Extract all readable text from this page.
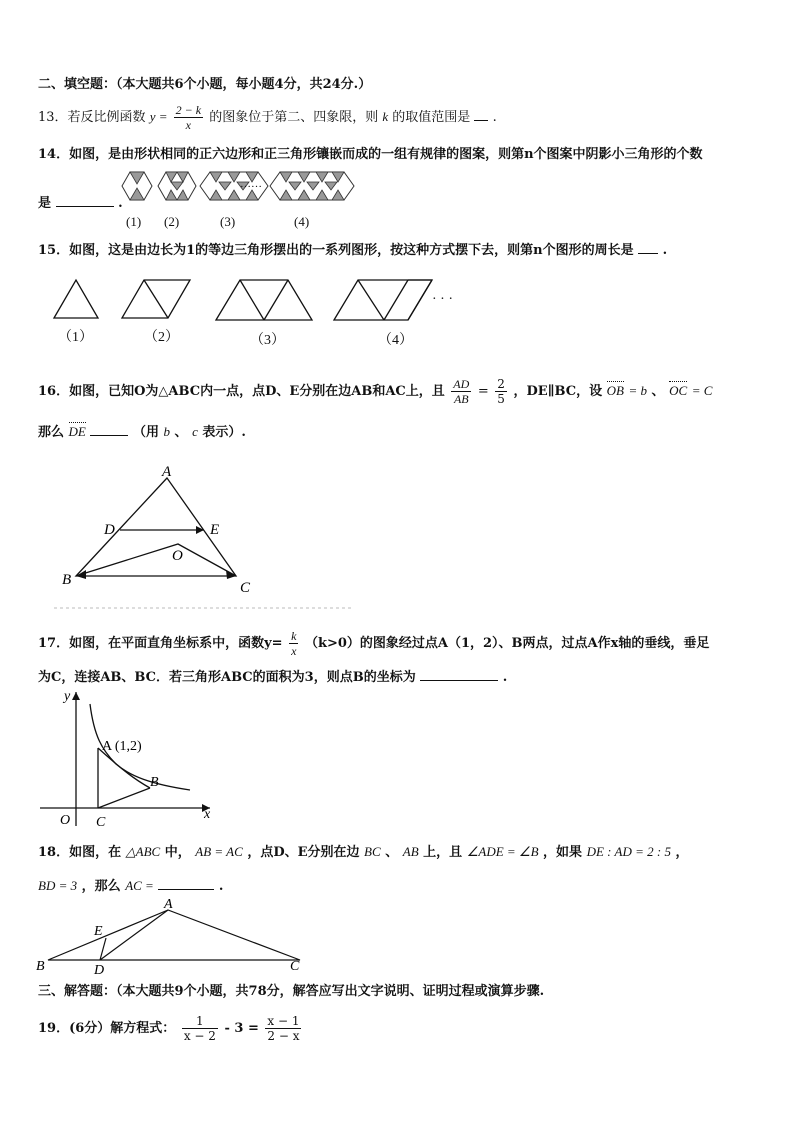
二、填空题：（本大题共6个小题，每小题4分，共24分.）
13．若反比例函数 $y = \frac{2 - k}{x}$ 的图象位于第二、四象限，则 k 的取值范围是 .
14．如图，是由形状相同的正六边形和正三角形镶嵌而成的一组有规律的图案，则第n个图案中阴影小三角形的个数
是	.
……
(1) (2)	(3)	(4)
15．如图，这是由边长为1的等边三角形摆出的一系列图形，按这种方式摆下去，则第n个图形的周长是 .
· · ·
（1）	（2）	（3）	（4）
16．如图，已知O为△ABC内一点，点D、E分别在边AB和AC上，且 $\frac{AD}{AB} = \frac{2}{5}$ ，DE∥BC，设 OB = b 、 OC = C
那么 DE	（用 b 、 c 表示）.
A
D	E
O
B	C
17．如图，在平面直角坐标系中，函数$y= \frac{k}{x} (k>0)$的图象经过点A（1，2）、B两点，过点A作x轴的垂线，垂足
为C，连接AB、BC．若三角形ABC的面积为3，则点B的坐标为	.
y
x
O C
A (1,2)
B
18．如图，在 △ABC 中， AB = AC ，点D、E分别在边 BC 、 AB 上，且 ∠ADE = ∠B ，如果 DE : AD = 2 : 5 ，
BD = 3 ，那么 AC =	.
A
E
B	D	C
三、解答题：（本大题共9个小题，共78分，解答应写出文字说明、证明过程或演算步骤.
19．(6分）解方程式： $\frac{1}{x - 2} - 3 = \frac{x - 1}{2 - x}$
